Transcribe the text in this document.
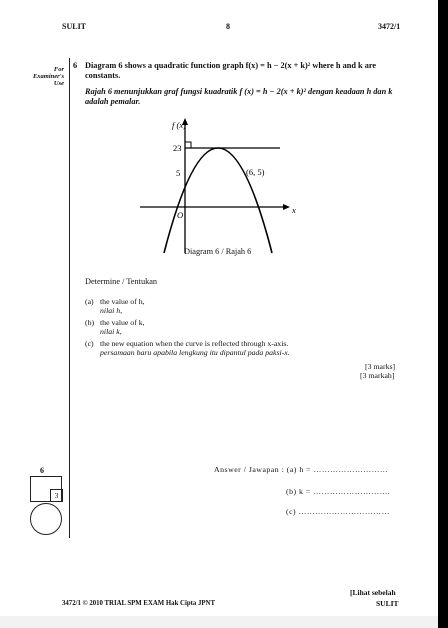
SULIT	8	3472/1
For
Examiner's
Use
6
3
6 Diagram 6 shows a quadratic function graph f(x) = h − 2(x + k)² where h and k are
constants.
Rajah 6 menunjukkan graf fungsi kuadratik f (x) = h − 2(x + k)² dengan keadaan h dan k
adalah pemalar.
f (x)
x
O
23
5	(6, 5)
Diagram 6 / Rajah 6
Determine / Tentukan
(a) the value of h,
nilai h,
(b) the value of k,
nilai k,
(c) the new equation when the curve is reflected through x-axis.
persamaan baru apabila lengkung itu dipantul pada paksi-x.
[3 marks]
[3 markah]
Answer / Jawapan : (a) h = ………………………
(b) k = ……………………….
(c) ……………………………
3472/1 © 2010 TRIAL SPM EXAM Hak Cipta JPNT
[Lihat sebelah
SULIT
